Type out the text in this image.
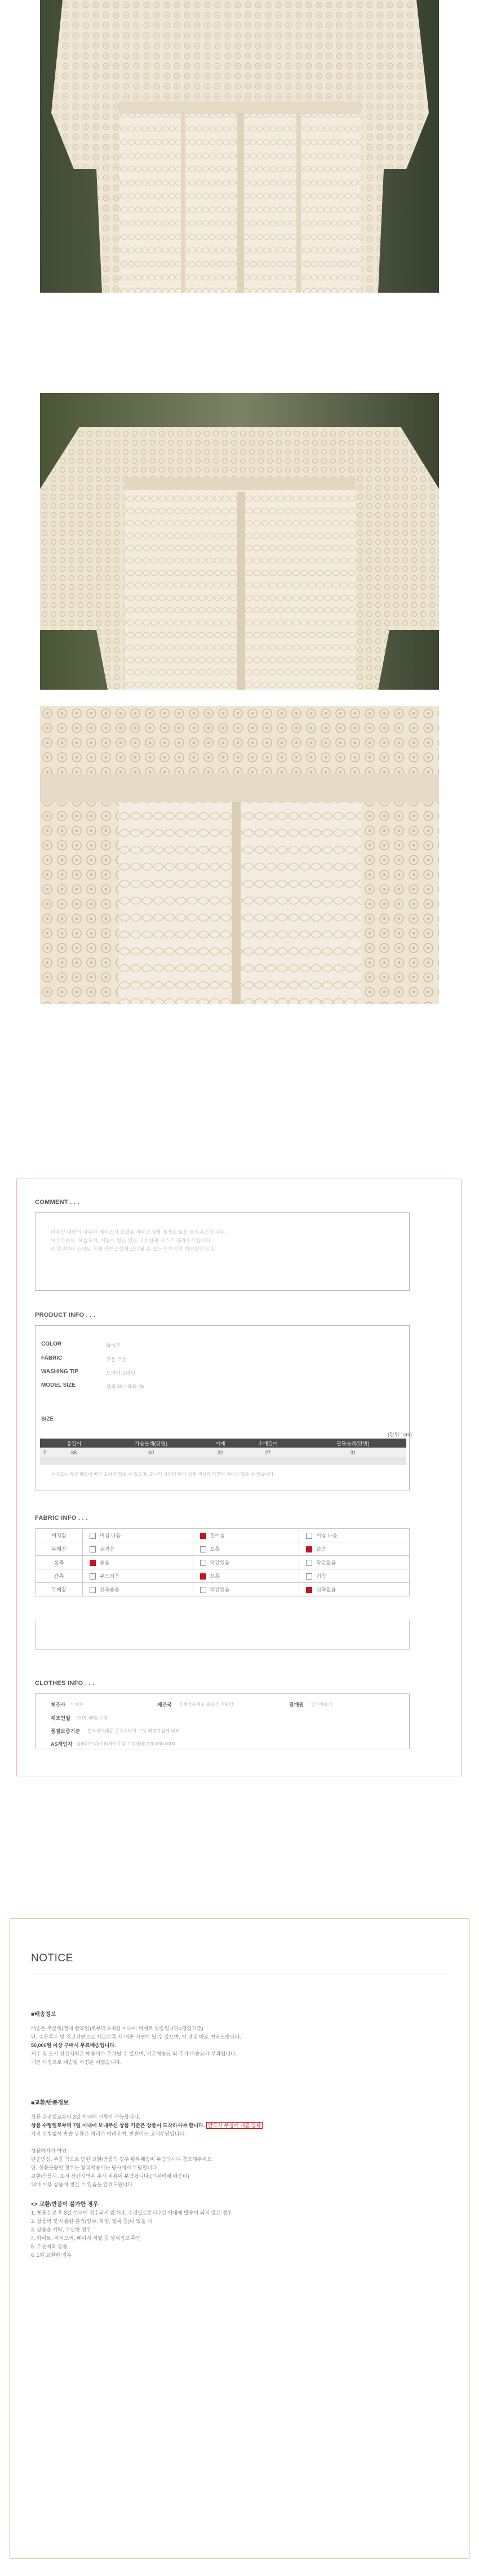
COMMENT . . .
여름밤 패턴의 자수와 레이스가 조합된 레이스자켓 제작소 로운 블라우스입니다.
여유로운핏, 헤름도에, 여밈이 없는 있는 고유한핏 시스로 블라우스입니다.
레깅진미나 스커트 등에 자연스럽게 코디될 수 있는 반하지만 여러벌입니다.
PRODUCT INFO . . .
COLOR	화이트
FABRIC	코튼 코튼
WASHING TIP	드라이크리닝
MODEL SIZE	상의 55 / 하의 26
SIZE
(단위 : cm)
	총길이	가슴둘레(단면)	어깨	소매길이	팔뚝둘레(단면)
F	65	50	32	27	31

사이즈는 측정 방법에 따라 오차가 있을 수 있으며, 모니터 사양에 따라 실제 색상과 약간의 차이가 있을 수 있습니다.
FABRIC INFO . . .
비치감	비침 나음	밑비침	비침 나음
두께감	두꺼움	보통	얇음
신축	좋음	약간있음	약간없음
감촉	부드러움	보통	거침
두께감	신축좋음	약간있음	신축없음
CLOTHES INFO . . .
제조사 아이아	제조국 국제섬유제조 중공국 지원장	판매원 실바하트너
제조연월 2015. 06월 이후
품질보증기준 전자상거래등 준수소비자 보장 매장지점에 의해
AS책임자 실바하트너(소비자보호팀 고객센터) 070-000-0000
NOTICE
■배송정보
배송은 주문일(결제 완료일)로부터 2~5일 이내에 택배로 발송됩니다.(평일기준)
단, 주문폭주 및 입고지연으로 재고부족 시 배송 지연이 될 수 있으며, 이 경우 따로 연락드립니다.
50,000원 이상 구매시 무료배송입니다.
제주 및 도서 산간지역은 배송비가 추가될 수 있으며, 기본배송료 외 추가 배송료가 부과됩니다.
개인 사정으로 배송일 지정은 어렵습니다.
■교환/반품정보
상품 수령일로부터 3일 이내에 신청이 가능합니다.
상품 수령일로부터 7일 이내에 보내주신 상품 기준은 상품이 도착하셔야 합니다. 반드시 부청에 제출 등록
사전 신청없이 반송 상품은 처리가 어려우며, 반송비는 고객부담입니다.
상품하자가 아닌
단순변심, 주문 착오로 인한 교환/반품의 경우 왕복배송비 부담되시니 참고해주세요.
단, 상품불량인 경우는 왕복배송비는 당사에서 부담합니다.
교환/반품시, 도서 산간지역은 추가 비용이 부담됩니다.(기본택배 배송비)
택배 이용 상품에 생길 수 있음을 알려드립니다.
<> 교환/반품이 불가한 경우
1. 제품수령 후 3일 이내에 접수되지 않거나, 수령일로부터 7일 이내에 발송이 되지 않은 경우
2. 상품택 및 사용한 흔적(향수, 화장, 얼룩 등)이 있을 시
3. 상품을 세탁, 수선한 경우
4. 화이트, 아이보리, 베이지 계열 등 상세정보 확인
5. 주문제작 상품
6. 1회 교환한 경우
